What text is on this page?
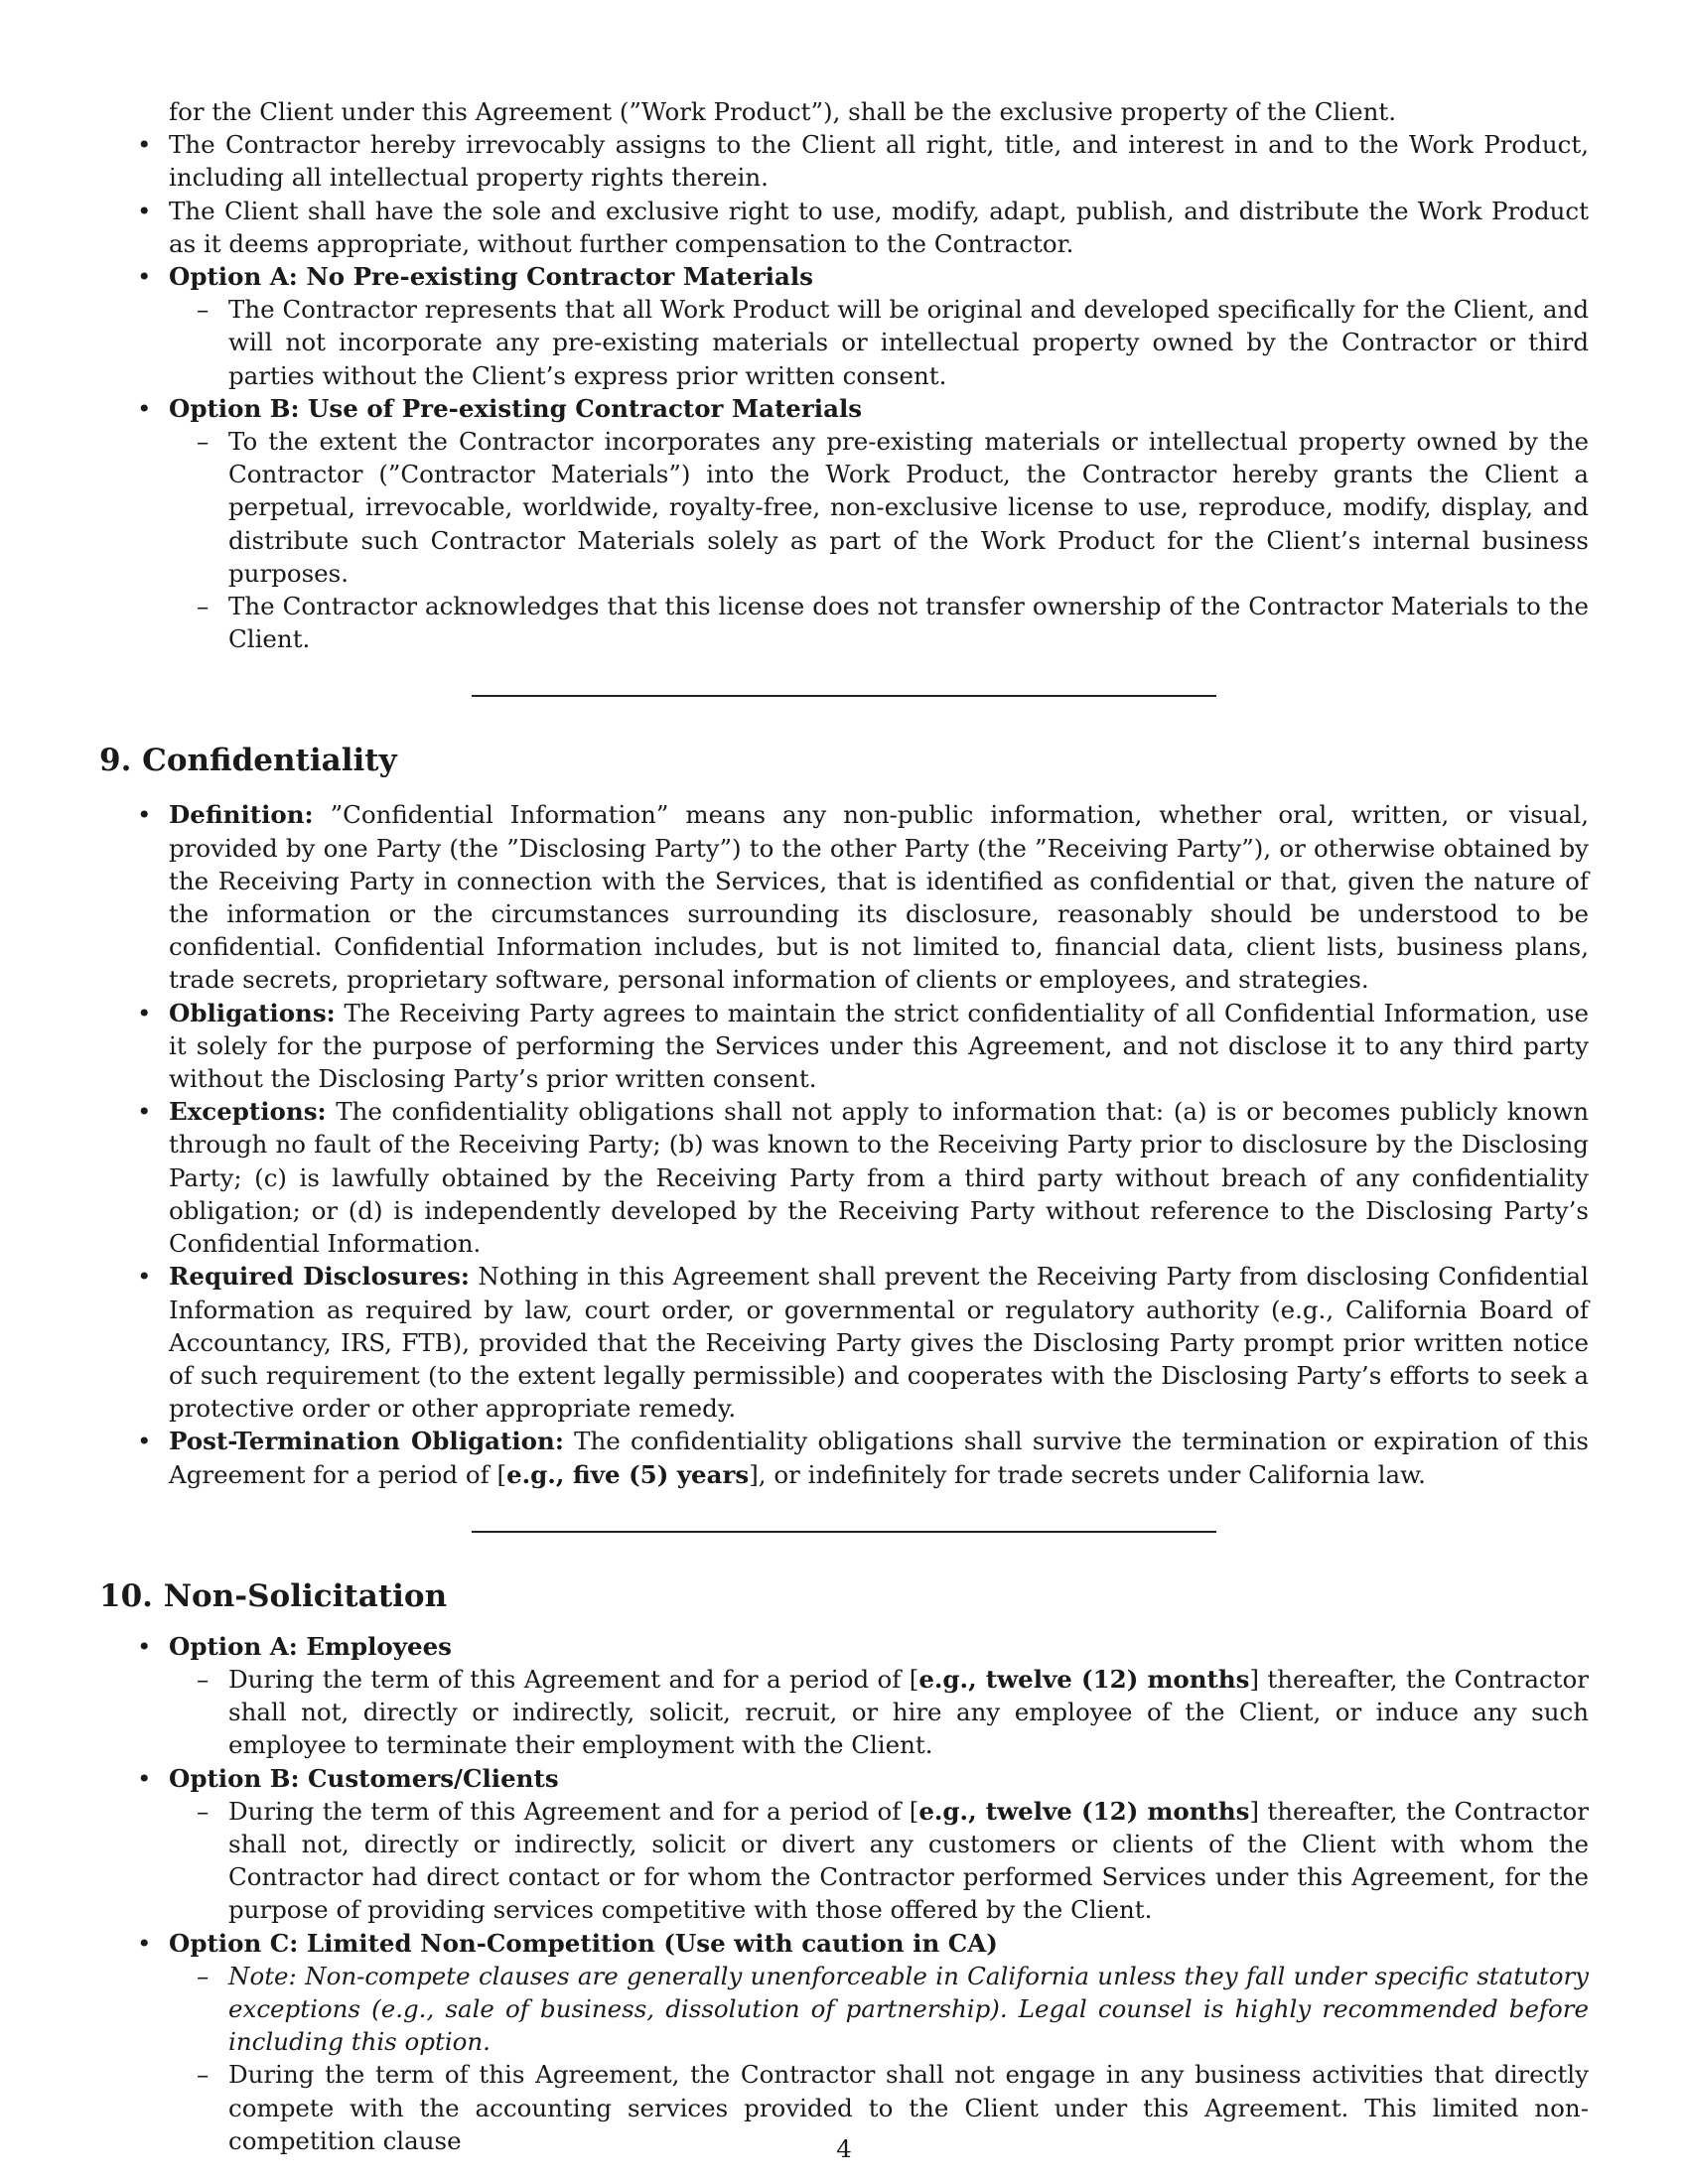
for the Client under this Agreement (”Work Product”), shall be the exclusive property of the Client.
• The Contractor hereby irrevocably assigns to the Client all right, title, and interest in and to the Work Product, including all intellectual property rights therein.
• The Client shall have the sole and exclusive right to use, modify, adapt, publish, and distribute the Work Product as it deems appropriate, without further compensation to the Contractor.
• Option A: No Pre-existing Contractor Materials
– The Contractor represents that all Work Product will be original and developed specifically for the Client, and will not incorporate any pre-existing materials or intellectual property owned by the Contractor or third parties without the Client’s express prior written consent.
• Option B: Use of Pre-existing Contractor Materials
– To the extent the Contractor incorporates any pre-existing materials or intellectual property owned by the Contractor (”Contractor Materials”) into the Work Product, the Contractor hereby grants the Client a perpetual, irrevocable, worldwide, royalty-free, non-exclusive license to use, reproduce, modify, display, and distribute such Contractor Materials solely as part of the Work Product for the Client’s internal business purposes.
– The Contractor acknowledges that this license does not transfer ownership of the Contractor Materials to the Client.
9. Confidentiality
• Definition: ”Confidential Information” means any non-public information, whether oral, written, or visual, provided by one Party (the ”Disclosing Party”) to the other Party (the ”Receiving Party”), or otherwise obtained by the Receiving Party in connection with the Services, that is identified as confidential or that, given the nature of the information or the circumstances surrounding its disclosure, reasonably should be understood to be confidential. Confidential Information includes, but is not limited to, financial data, client lists, business plans, trade secrets, proprietary software, personal information of clients or employees, and strategies.
• Obligations: The Receiving Party agrees to maintain the strict confidentiality of all Confidential Information, use it solely for the purpose of performing the Services under this Agreement, and not disclose it to any third party without the Disclosing Party’s prior written consent.
• Exceptions: The confidentiality obligations shall not apply to information that: (a) is or becomes publicly known through no fault of the Receiving Party; (b) was known to the Receiving Party prior to disclosure by the Disclosing Party; (c) is lawfully obtained by the Receiving Party from a third party without breach of any confidentiality obligation; or (d) is independently developed by the Receiving Party without reference to the Disclosing Party’s Confidential Information.
• Required Disclosures: Nothing in this Agreement shall prevent the Receiving Party from disclosing Confidential Information as required by law, court order, or governmental or regulatory authority (e.g., California Board of Accountancy, IRS, FTB), provided that the Receiving Party gives the Disclosing Party prompt prior written notice of such requirement (to the extent legally permissible) and cooperates with the Disclosing Party’s efforts to seek a protective order or other appropriate remedy.
• Post-Termination Obligation: The confidentiality obligations shall survive the termination or expiration of this Agreement for a period of [e.g., five (5) years], or indefinitely for trade secrets under California law.
10. Non-Solicitation
• Option A: Employees
– During the term of this Agreement and for a period of [e.g., twelve (12) months] thereafter, the Contractor shall not, directly or indirectly, solicit, recruit, or hire any employee of the Client, or induce any such employee to terminate their employment with the Client.
• Option B: Customers/Clients
– During the term of this Agreement and for a period of [e.g., twelve (12) months] thereafter, the Contractor shall not, directly or indirectly, solicit or divert any customers or clients of the Client with whom the Contractor had direct contact or for whom the Contractor performed Services under this Agreement, for the purpose of providing services competitive with those offered by the Client.
• Option C: Limited Non-Competition (Use with caution in CA)
– Note: Non-compete clauses are generally unenforceable in California unless they fall under specific statutory exceptions (e.g., sale of business, dissolution of partnership). Legal counsel is highly recommended before including this option.
– During the term of this Agreement, the Contractor shall not engage in any business activities that directly compete with the accounting services provided to the Client under this Agreement. This limited non-competition clause	4
